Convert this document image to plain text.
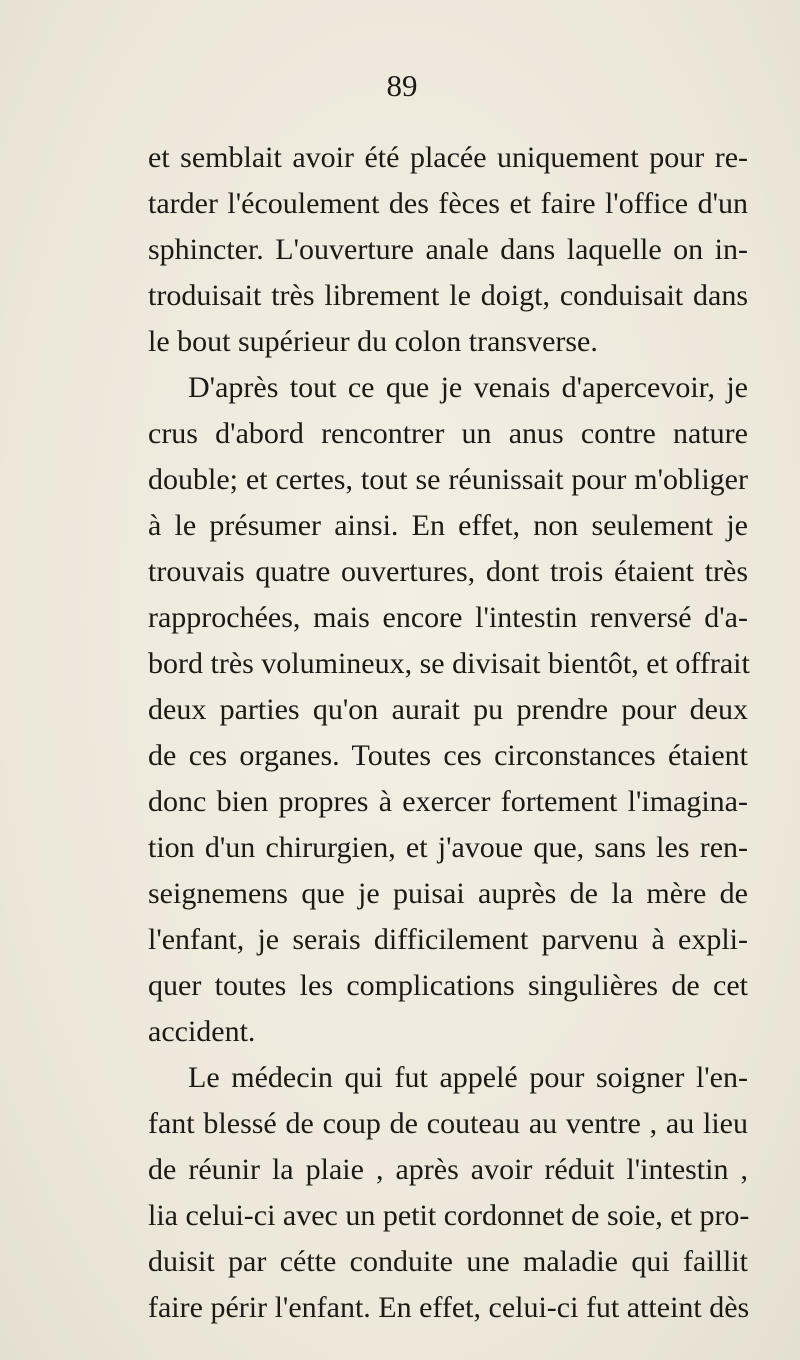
89
et semblait avoir été placée uniquement pour re-
tarder l'écoulement des fèces et faire l'office d'un
sphincter. L'ouverture anale dans laquelle on in-
troduisait très librement le doigt, conduisait dans
le bout supérieur du colon transverse.
D'après tout ce que je venais d'apercevoir, je
crus d'abord rencontrer un anus contre nature
double; et certes, tout se réunissait pour m'obliger
à le présumer ainsi. En effet, non seulement je
trouvais quatre ouvertures, dont trois étaient très
rapprochées, mais encore l'intestin renversé d'a-
bord très volumineux, se divisait bientôt, et offrait
deux parties qu'on aurait pu prendre pour deux
de ces organes. Toutes ces circonstances étaient
donc bien propres à exercer fortement l'imagina-
tion d'un chirurgien, et j'avoue que, sans les ren-
seignemens que je puisai auprès de la mère de
l'enfant, je serais difficilement parvenu à expli-
quer toutes les complications singulières de cet
accident.
Le médecin qui fut appelé pour soigner l'en-
fant blessé de coup de couteau au ventre , au lieu
de réunir la plaie , après avoir réduit l'intestin ,
lia celui-ci avec un petit cordonnet de soie, et pro-
duisit par cétte conduite une maladie qui faillit
faire périr l'enfant. En effet, celui-ci fut atteint dès
